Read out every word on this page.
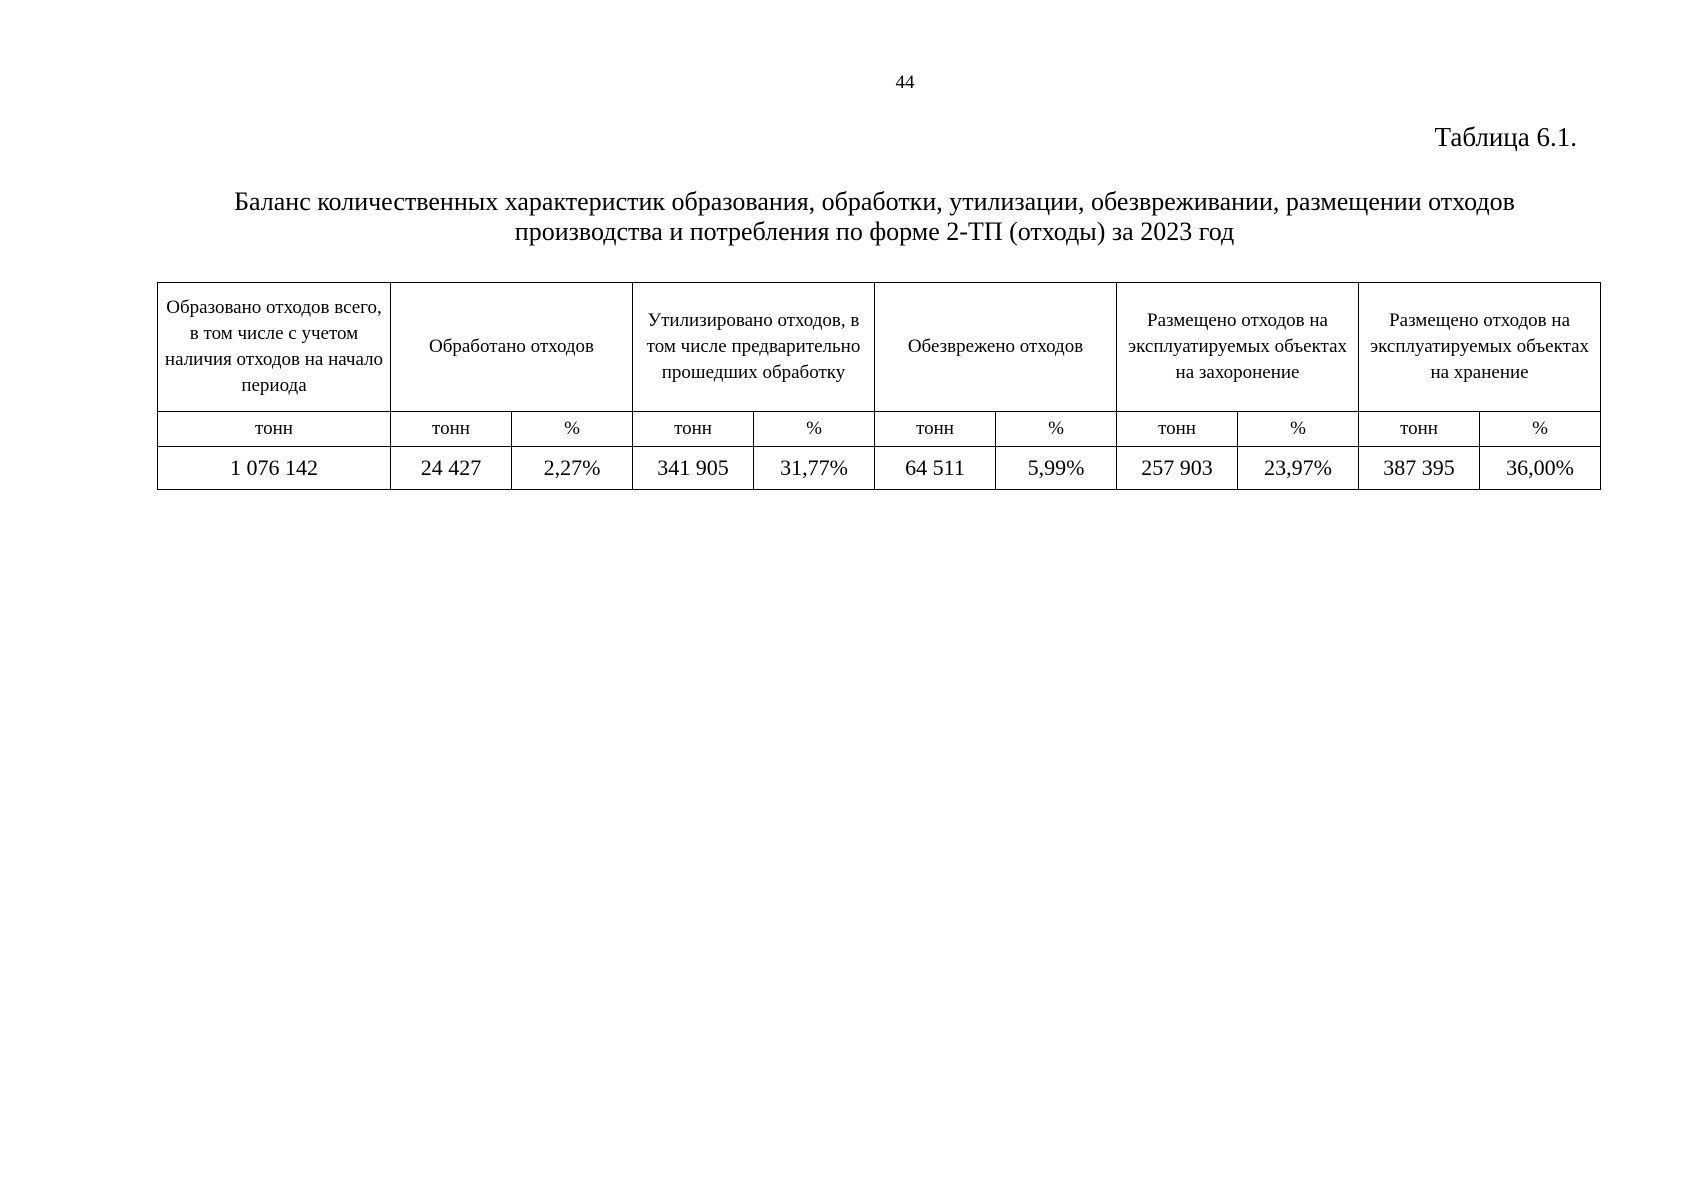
44
Таблица 6.1.
Баланс количественных характеристик образования, обработки, утилизации, обезвреживании, размещении отходов
производства и потребления по форме 2-ТП (отходы) за 2023 год
Образовано отходов всего, в том числе с учетом наличия отходов на начало периода	Обработано отходов		Утилизировано отходов, в том числе предварительно прошедших обработку		Обезврежено отходов		Размещено отходов на эксплуатируемых объектах на захоронение		Размещено отходов на эксплуатируемых объектах на хранение	
тонн	тонн	%	тонн	%	тонн	%	тонн	%	тонн	%
1 076 142	24 427	2,27%	341 905	31,77%	64 511	5,99%	257 903	23,97%	387 395	36,00%
